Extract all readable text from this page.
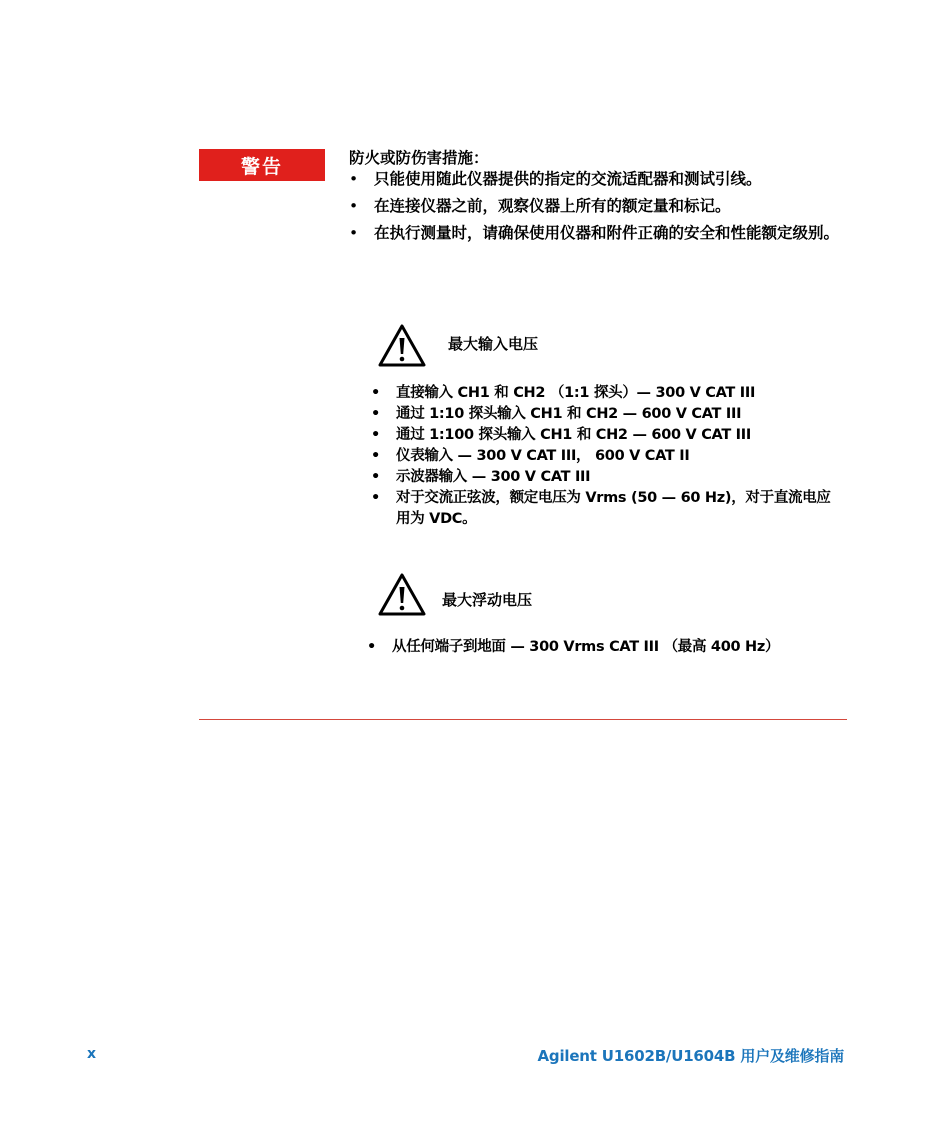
警告	防火或防伤害措施：
• 只能使用随此仪器提供的指定的交流适配器和测试引线。
• 在连接仪器之前，观察仪器上所有的额定量和标记。
• 在执行测量时，请确保使用仪器和附件正确的安全和性能额定级别。
最大输入电压
• 直接输入 CH1 和 CH2 （1:1 探头）— 300 V CAT III
• 通过 1:10 探头输入 CH1 和 CH2 — 600 V CAT III
• 通过 1:100 探头输入 CH1 和 CH2 — 600 V CAT III
• 仪表输入 — 300 V CAT III， 600 V CAT II
• 示波器输入 — 300 V CAT III
• 对于交流正弦波，额定电压为 Vrms (50 — 60 Hz)，对于直流电应用为 VDC。
最大浮动电压
• 从任何端子到地面 — 300 Vrms CAT III （最高 400 Hz）
x	Agilent U1602B/U1604B 用户及维修指南
